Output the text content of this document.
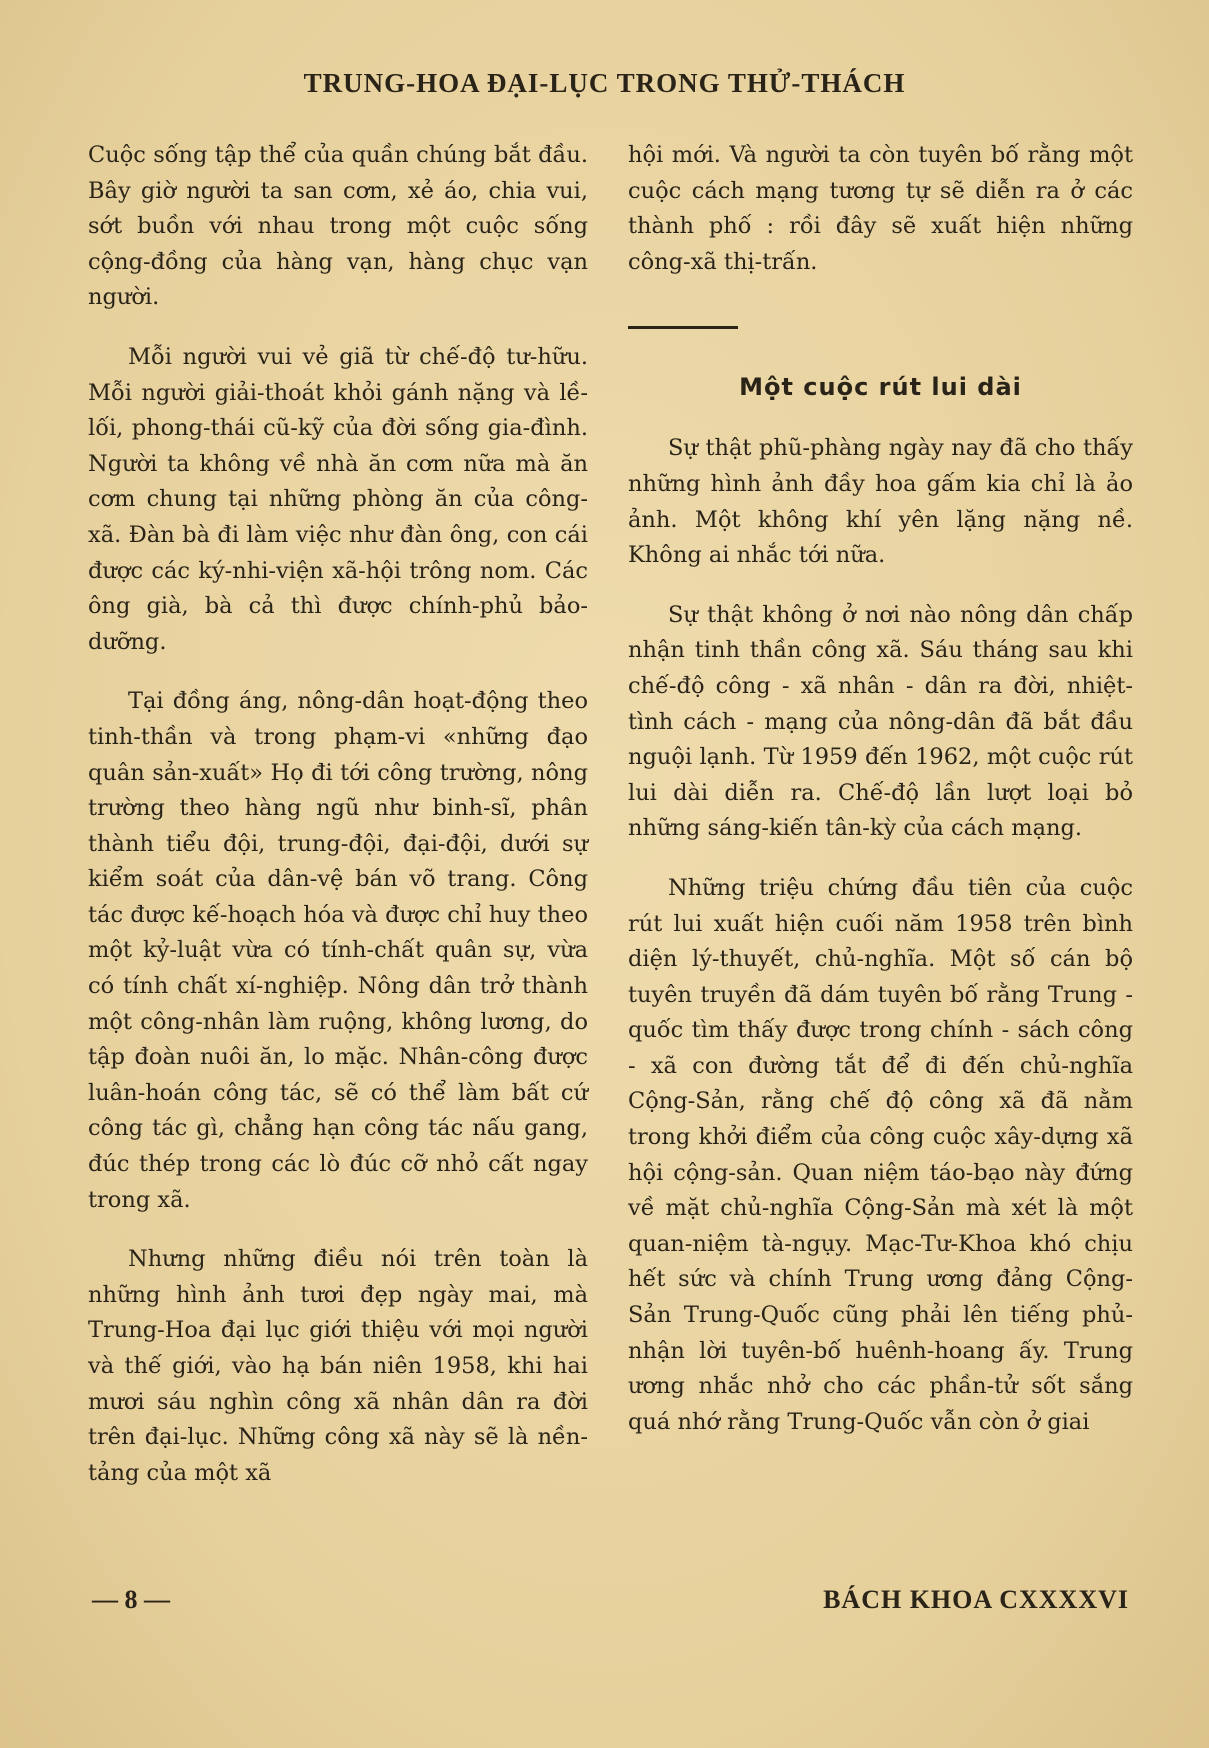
TRUNG-HOA ĐẠI-LỤC TRONG THỬ-THÁCH

Cuộc sống tập thể của quần chúng bắt đầu. Bây giờ người ta san cơm, xẻ áo, chia vui, sớt buồn với nhau trong một cuộc sống cộng-đồng của hàng vạn, hàng chục vạn người.

Mỗi người vui vẻ giã từ chế-độ tư-hữu. Mỗi người giải-thoát khỏi gánh nặng và lề-lối, phong-thái cũ-kỹ của đời sống gia-đình. Người ta không về nhà ăn cơm nữa mà ăn cơm chung tại những phòng ăn của công-xã. Đàn bà đi làm việc như đàn ông, con cái được các ký-nhi-viện xã-hội trông nom. Các ông già, bà cả thì được chính-phủ bảo-dưỡng.

Tại đồng áng, nông-dân hoạt-động theo tinh-thần và trong phạm-vi «những đạo quân sản-xuất» Họ đi tới công trường, nông trường theo hàng ngũ như binh-sĩ, phân thành tiểu đội, trung-đội, đại-đội, dưới sự kiểm soát của dân-vệ bán võ trang. Công tác được kế-hoạch hóa và được chỉ huy theo một kỷ-luật vừa có tính-chất quân sự, vừa có tính chất xí-nghiệp. Nông dân trở thành một công-nhân làm ruộng, không lương, do tập đoàn nuôi ăn, lo mặc. Nhân-công được luân-hoán công tác, sẽ có thể làm bất cứ công tác gì, chẳng hạn công tác nấu gang, đúc thép trong các lò đúc cỡ nhỏ cất ngay trong xã.

Nhưng những điều nói trên toàn là những hình ảnh tươi đẹp ngày mai, mà Trung-Hoa đại lục giới thiệu với mọi người và thế giới, vào hạ bán niên 1958, khi hai mươi sáu nghìn công xã nhân dân ra đời trên đại-lục. Những công xã này sẽ là nền-tảng của một xã

hội mới. Và người ta còn tuyên bố rằng một cuộc cách mạng tương tự sẽ diễn ra ở các thành phố : rồi đây sẽ xuất hiện những công-xã thị-trấn.

Một cuộc rút lui dài

Sự thật phũ-phàng ngày nay đã cho thấy những hình ảnh đầy hoa gấm kia chỉ là ảo ảnh. Một không khí yên lặng nặng nề. Không ai nhắc tới nữa.

Sự thật không ở nơi nào nông dân chấp nhận tinh thần công xã. Sáu tháng sau khi chế-độ công - xã nhân - dân ra đời, nhiệt-tình cách - mạng của nông-dân đã bắt đầu nguội lạnh. Từ 1959 đến 1962, một cuộc rút lui dài diễn ra. Chế-độ lần lượt loại bỏ những sáng-kiến tân-kỳ của cách mạng.

Những triệu chứng đầu tiên của cuộc rút lui xuất hiện cuối năm 1958 trên bình diện lý-thuyết, chủ-nghĩa. Một số cán bộ tuyên truyền đã dám tuyên bố rằng Trung - quốc tìm thấy được trong chính - sách công - xã con đường tắt để đi đến chủ-nghĩa Cộng-Sản, rằng chế độ công xã đã nằm trong khởi điểm của công cuộc xây-dựng xã hội cộng-sản. Quan niệm táo-bạo này đứng về mặt chủ-nghĩa Cộng-Sản mà xét là một quan-niệm tà-ngụy. Mạc-Tư-Khoa khó chịu hết sức và chính Trung ương đảng Cộng-Sản Trung-Quốc cũng phải lên tiếng phủ-nhận lời tuyên-bố huênh-hoang ấy. Trung ương nhắc nhở cho các phần-tử sốt sắng quá nhớ rằng Trung-Quốc vẫn còn ở giai

— 8 —	BÁCH KHOA CXXXXVI
